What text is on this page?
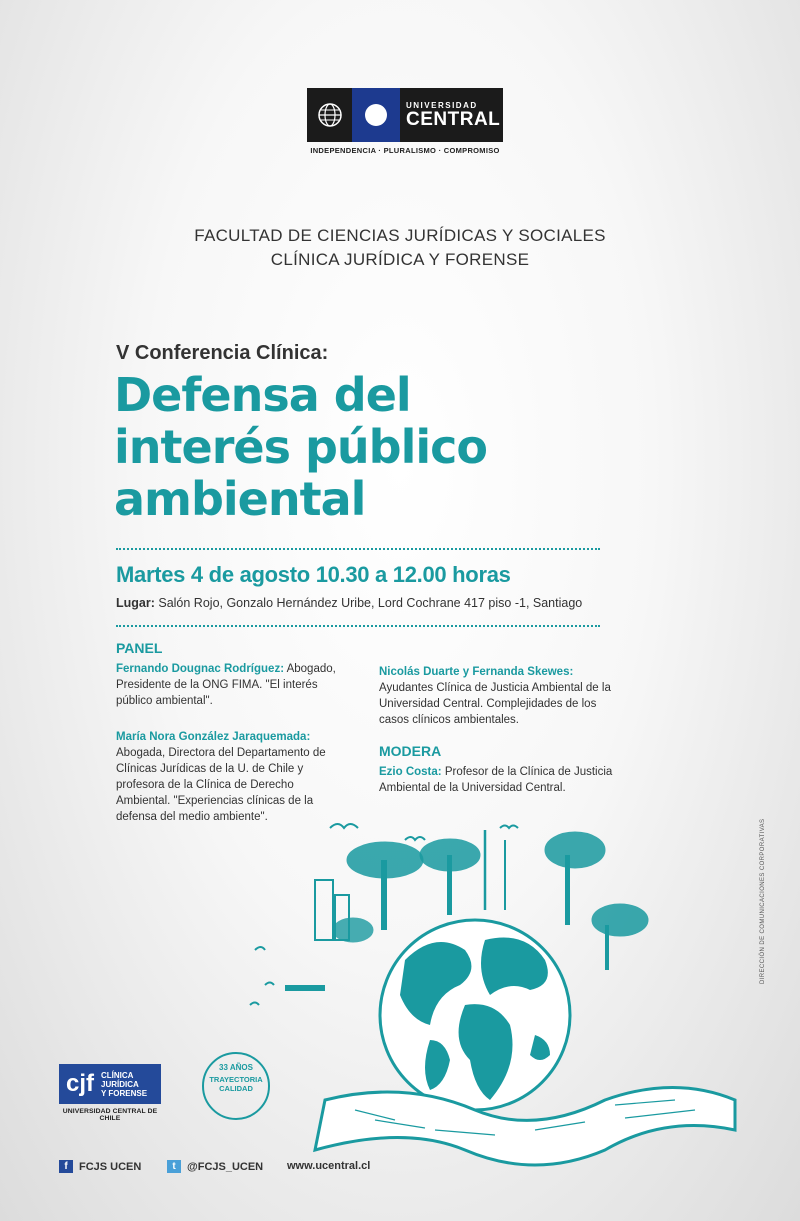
UNIVERSIDAD
CENTRAL
INDEPENDENCIA · PLURALISMO · COMPROMISO
FACULTAD DE CIENCIAS JURÍDICAS Y SOCIALES
CLÍNICA JURÍDICA Y FORENSE
V Conferencia Clínica:
Defensa del
interés público
ambiental
Martes 4 de agosto 10.30 a 12.00 horas
Lugar: Salón Rojo, Gonzalo Hernández Uribe, Lord Cochrane 417 piso -1, Santiago
PANEL
Fernando Dougnac Rodríguez: Abogado, Presidente de la ONG FIMA. "El interés público ambiental".
María Nora González Jaraquemada: Abogada, Directora del Departamento de Clínicas Jurídicas de la U. de Chile y profesora de la Clínica de Derecho Ambiental. "Experiencias clínicas de la defensa del medio ambiente".
Nicolás Duarte y Fernanda Skewes: Ayudantes Clínica de Justicia Ambiental de la Universidad Central. Complejidades de los casos clínicos ambientales.
MODERA
Ezio Costa: Profesor de la Clínica de Justicia Ambiental de la Universidad Central.
DIRECCIÓN DE COMUNICACIONES CORPORATIVAS
cjf CLÍNICA
JURÍDICA
Y FORENSE
UNIVERSIDAD CENTRAL DE CHILE
33 AÑOS
TRAYECTORIA
CALIDAD
f	FCJS UCEN	t	@FCJS_UCEN www.ucentral.cl
